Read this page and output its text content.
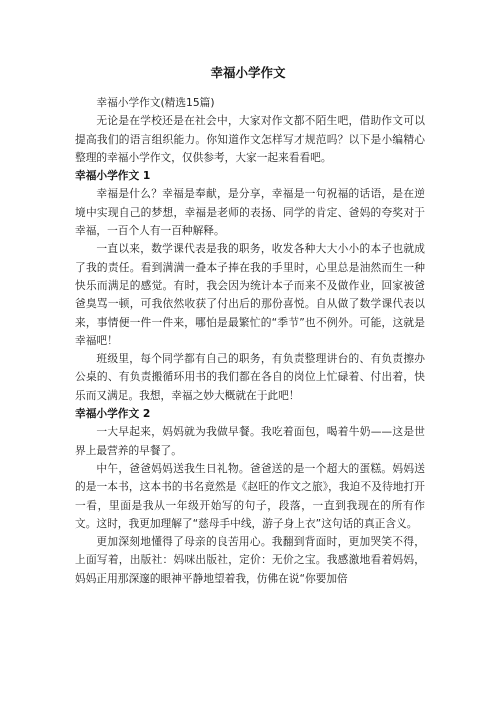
幸福小学作文

幸福小学作文(精选15篇)

无论是在学校还是在社会中，大家对作文都不陌生吧，借助作文可以提高我们的语言组织能力。你知道作文怎样写才规范吗？以下是小编精心整理的幸福小学作文，仅供参考，大家一起来看看吧。

幸福小学作文 1

幸福是什么？幸福是奉献，是分享，幸福是一句祝福的话语，是在逆境中实现自己的梦想，幸福是老师的表扬、同学的肯定、爸妈的夸奖对于幸福，一百个人有一百种解释。

一直以来，数学课代表是我的职务，收发各种大大小小的本子也就成了我的责任。看到满满一叠本子捧在我的手里时，心里总是油然而生一种快乐而满足的感觉。有时，我会因为统计本子而来不及做作业，回家被爸爸臭骂一顿，可我依然收获了付出后的那份喜悦。自从做了数学课代表以来，事情便一件一件来，哪怕是最繁忙的“季节”也不例外。可能，这就是幸福吧！

班级里，每个同学都有自己的职务，有负责整理讲台的、有负责擦办公桌的、有负责搬循环用书的我们都在各自的岗位上忙碌着、付出着，快乐而又满足。我想，幸福之妙大概就在于此吧！

幸福小学作文 2

一大早起来，妈妈就为我做早餐。我吃着面包，喝着牛奶——这是世界上最营养的早餐了。

中午，爸爸妈妈送我生日礼物。爸爸送的是一个超大的蛋糕。妈妈送的是一本书，这本书的书名竟然是《赵旺的作文之旅》，我迫不及待地打开一看，里面是我从一年级开始写的句子，段落，一直到我现在的所有作文。这时，我更加理解了“慈母手中线，游子身上衣”这句话的真正含义。

更加深刻地懂得了母亲的良苦用心。我翻到背面时，更加哭笑不得，上面写着，出版社：妈咪出版社，定价：无价之宝。我感激地看着妈妈，妈妈正用那深邃的眼神平静地望着我，仿佛在说“你要加倍
